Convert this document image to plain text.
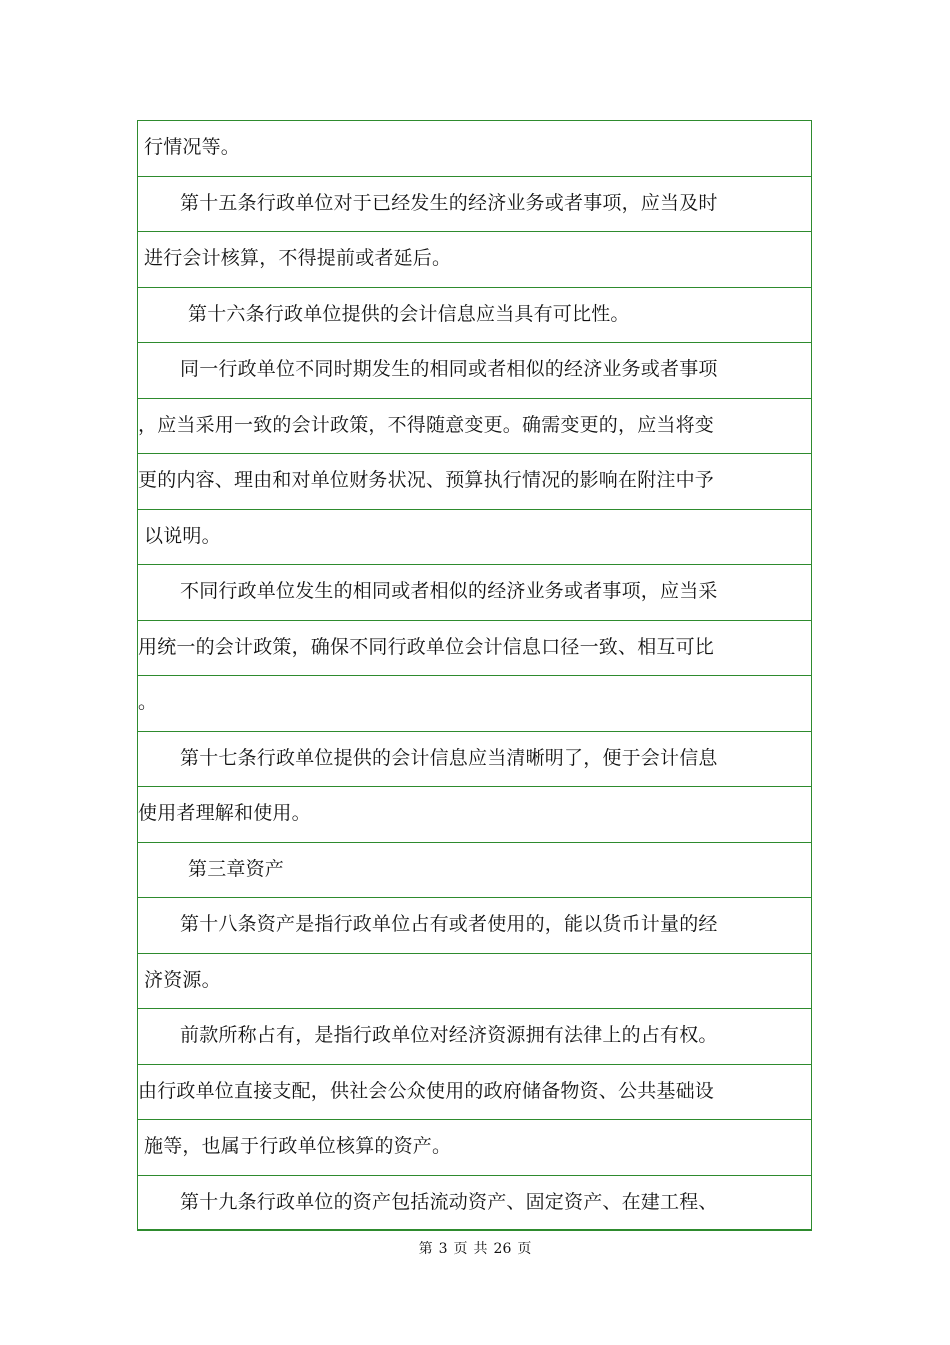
行情况等。
第十五条行政单位对于已经发生的经济业务或者事项，应当及时
进行会计核算，不得提前或者延后。
第十六条行政单位提供的会计信息应当具有可比性。
同一行政单位不同时期发生的相同或者相似的经济业务或者事项
，应当采用一致的会计政策，不得随意变更。确需变更的，应当将变
更的内容、理由和对单位财务状况、预算执行情况的影响在附注中予
以说明。
不同行政单位发生的相同或者相似的经济业务或者事项，应当采
用统一的会计政策，确保不同行政单位会计信息口径一致、相互可比
。
第十七条行政单位提供的会计信息应当清晰明了，便于会计信息
使用者理解和使用。
第三章资产
第十八条资产是指行政单位占有或者使用的，能以货币计量的经
济资源。
前款所称占有，是指行政单位对经济资源拥有法律上的占有权。
由行政单位直接支配，供社会公众使用的政府储备物资、公共基础设
施等，也属于行政单位核算的资产。
第十九条行政单位的资产包括流动资产、固定资产、在建工程、
第 3 页 共 26 页
